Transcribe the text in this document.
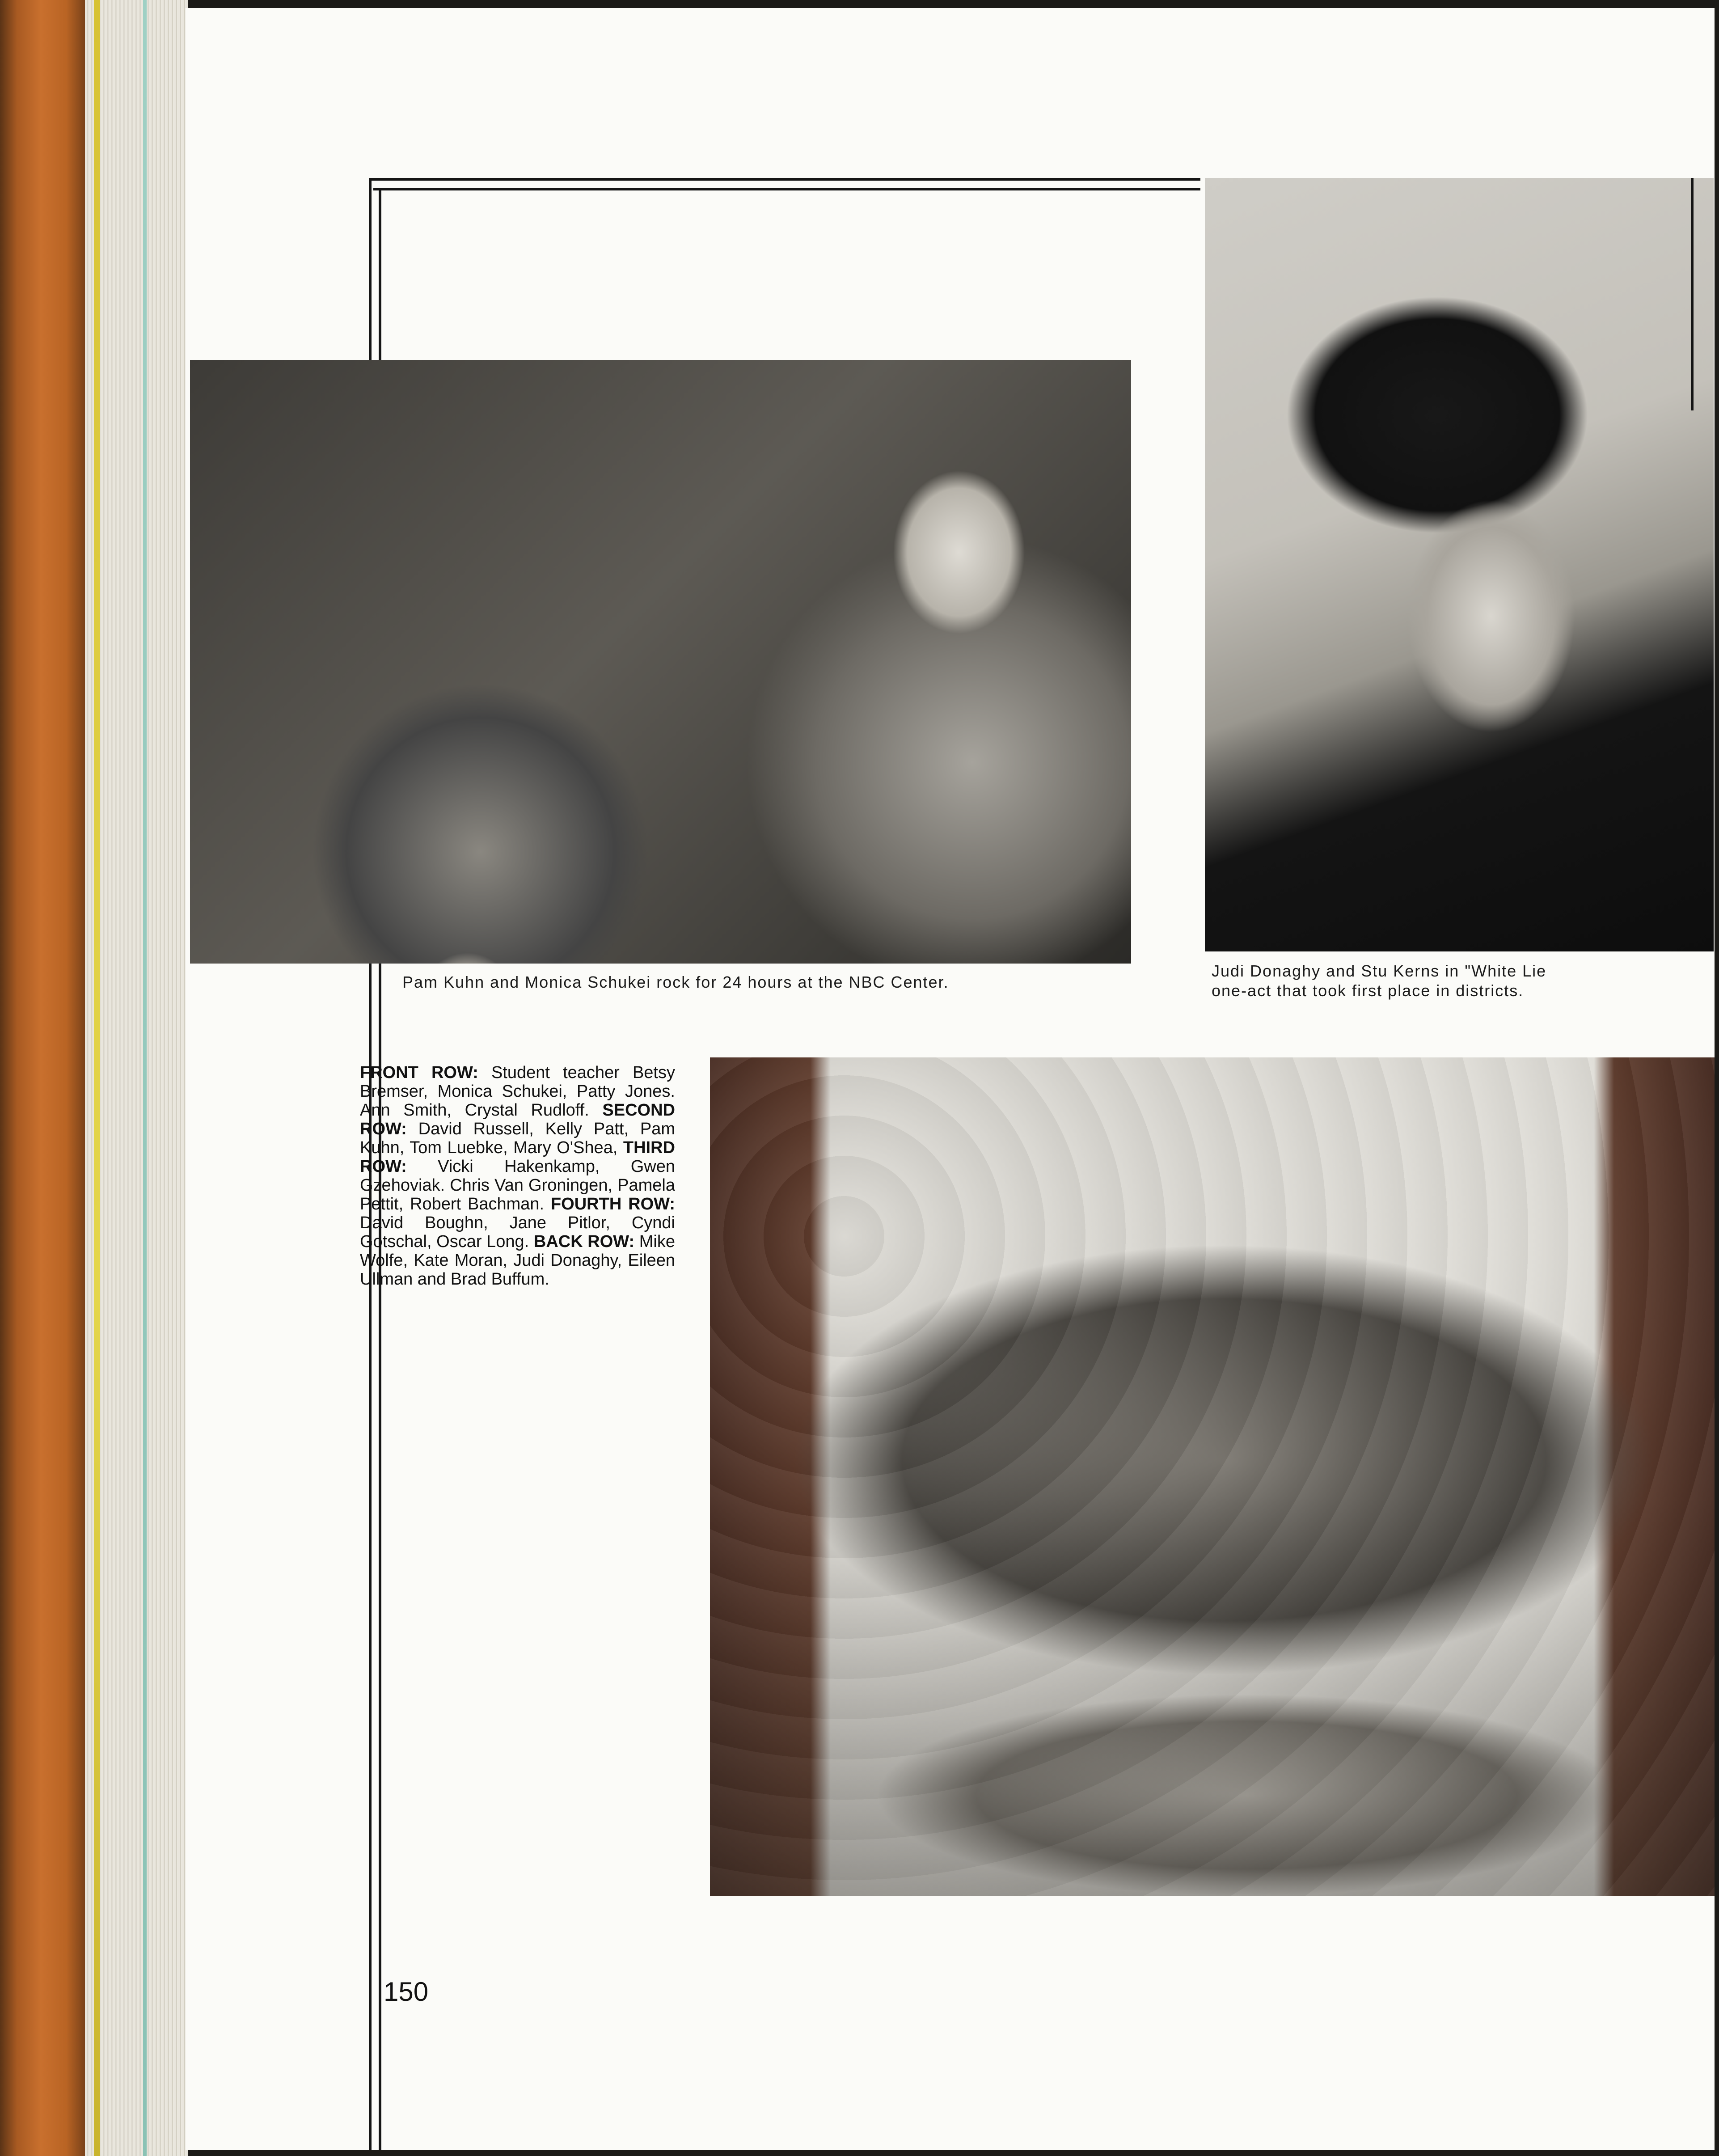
Pam Kuhn and Monica Schukei rock for 24 hours at the NBC Center.
Judi Donaghy and Stu Kerns in "White Lie
one-act that took first place in districts.
FRONT ROW: Student teacher Betsy Bremser, Monica Schukei, Patty Jones. Ann Smith, Crystal Rudloff. SECOND ROW: David Russell, Kelly Patt, Pam Kuhn, Tom Luebke, Mary O'Shea, THIRD ROW: Vicki Hakenkamp, Gwen Gzehoviak. Chris Van Groningen, Pamela Pettit, Robert Bachman. FOURTH ROW: David Boughn, Jane Pitlor, Cyndi Gotschal, Oscar Long. BACK ROW: Mike Wolfe, Kate Moran, Judi Donaghy, Eileen Ullman and Brad Buffum.
150
